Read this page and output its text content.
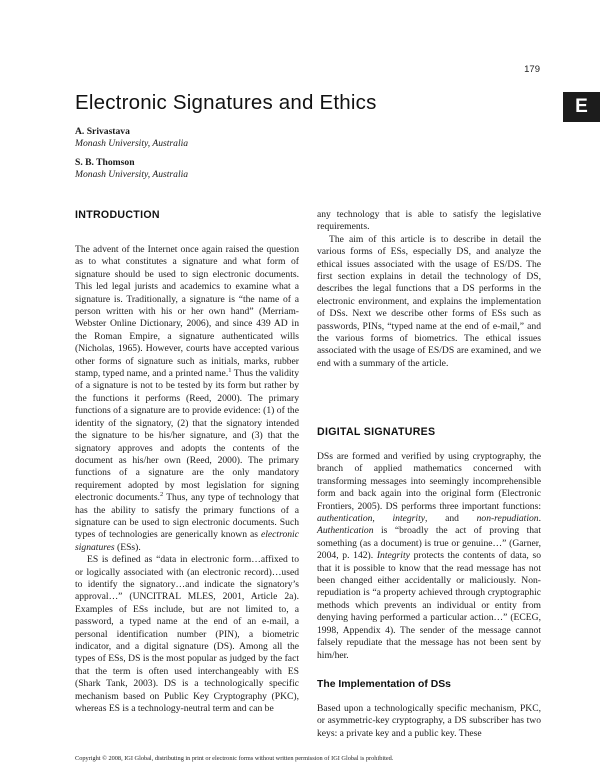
179
E
Electronic Signatures and Ethics
A. Srivastava
Monash University, Australia
S. B. Thomson
Monash University, Australia
INTRODUCTION

The advent of the Internet once again raised the question as to what constitutes a signature and what form of signature should be used to sign electronic documents. This led legal jurists and academics to examine what a signature is. Traditionally, a signature is “the name of a person written with his or her own hand” (Merriam-Webster Online Dictionary, 2006), and since 439 AD in the Roman Empire, a signature authenticated wills (Nicholas, 1965). However, courts have accepted various other forms of signature such as initials, marks, rubber stamp, typed name, and a printed name.$^1$ Thus the validity of a signature is not to be tested by its form but rather by the functions it performs (Reed, 2000). The primary functions of a signature are to provide evidence: (1) of the identity of the signatory, (2) that the signatory intended the signature to be his/her signature, and (3) that the signatory approves and adopts the contents of the document as his/her own (Reed, 2000). The primary functions of a signature are the only mandatory requirement adopted by most legislation for signing electronic documents.$^2$ Thus, any type of technology that has the ability to satisfy the primary functions of a signature can be used to sign electronic documents. Such types of technologies are generically known as electronic signatures (ESs).

ES is defined as “data in electronic form…affixed to or logically associated with (an electronic record)…used to identify the signatory…and indicate the signatory’s approval…” (UNCITRAL MLES, 2001, Article 2a). Examples of ESs include, but are not limited to, a password, a typed name at the end of an e-mail, a personal identification number (PIN), a biometric indicator, and a digital signature (DS). Among all the types of ESs, DS is the most popular as judged by the fact that the term is often used interchangeably with ES (Shark Tank, 2003). DS is a technologically specific mechanism based on Public Key Cryptography (PKC), whereas ES is a technology-neutral term and can be

any technology that is able to satisfy the legislative requirements.

The aim of this article is to describe in detail the various forms of ESs, especially DS, and analyze the ethical issues associated with the usage of ES/DS. The first section explains in detail the technology of DS, describes the legal functions that a DS performs in the electronic environment, and explains the implementation of DSs. Next we describe other forms of ESs such as passwords, PINs, “typed name at the end of e-mail,” and the various forms of biometrics. The ethical issues associated with the usage of ES/DS are examined, and we end with a summary of the article.

DIGITAL SIGNATURES

DSs are formed and verified by using cryptography, the branch of applied mathematics concerned with transforming messages into seemingly incomprehensible form and back again into the original form (Electronic Frontiers, 2005). DS performs three important functions: authentication, integrity, and non-repudiation. Authentication is “broadly the act of proving that something (as a document) is true or genuine…” (Garner, 2004, p. 142). Integrity protects the contents of data, so that it is possible to know that the read message has not been changed either accidentally or maliciously. Non-repudiation is “a property achieved through cryptographic methods which prevents an individual or entity from denying having performed a particular action…” (ECEG, 1998, Appendix 4). The sender of the message cannot falsely repudiate that the message has not been sent by him/her.

The Implementation of DSs

Based upon a technologically specific mechanism, PKC, or asymmetric-key cryptography, a DS subscriber has two keys: a private key and a public key. These

Copyright © 2008, IGI Global, distributing in print or electronic forms without written permission of IGI Global is prohibited.
